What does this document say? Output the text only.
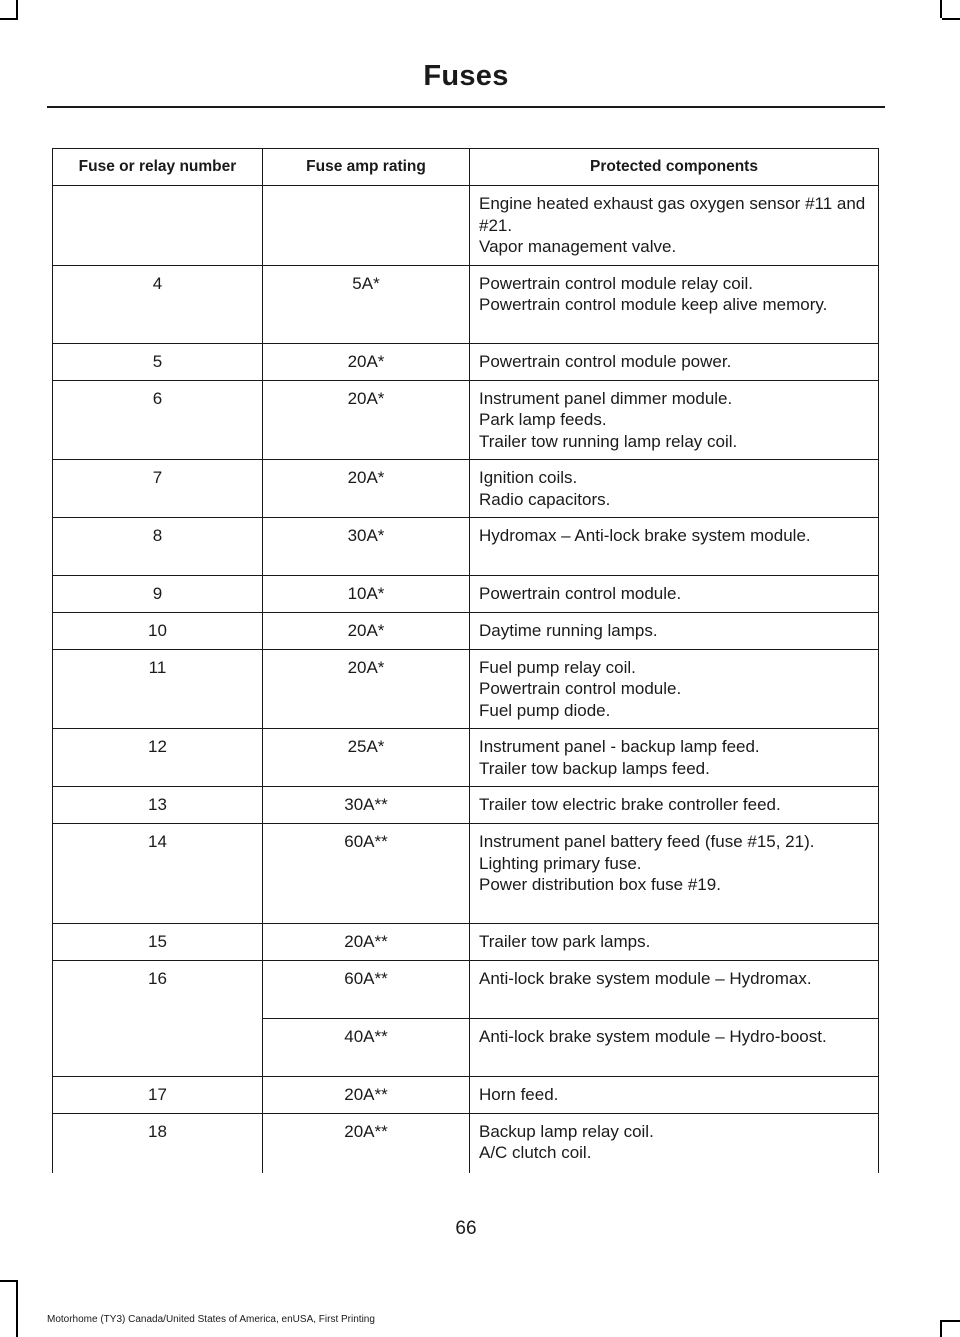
Fuses
Fuse or relay number	Fuse amp rating	Protected components

		Engine heated exhaust gas oxygen sensor #11 and #21.
Vapor management valve.

4	5A*	Powertrain control module relay coil.
Powertrain control module keep alive memory.

5	20A*	Powertrain control module power.

6	20A*	Instrument panel dimmer module.
Park lamp feeds.
Trailer tow running lamp relay coil.

7	20A*	Ignition coils.
Radio capacitors.

8	30A*	Hydromax – Anti-lock brake system module.

9	10A*	Powertrain control module.

10	20A*	Daytime running lamps.

11	20A*	Fuel pump relay coil.
Powertrain control module.
Fuel pump diode.

12	25A*	Instrument panel - backup lamp feed.
Trailer tow backup lamps feed.

13	30A**	Trailer tow electric brake controller feed.

14	60A**	Instrument panel battery feed (fuse #15, 21).
Lighting primary fuse.
Power distribution box fuse #19.

15	20A**	Trailer tow park lamps.

16	60A**	Anti-lock brake system module – Hydromax.

	40A**	Anti-lock brake system module – Hydro-boost.

17	20A**	Horn feed.

18	20A**	Backup lamp relay coil.
A/C clutch coil.
66
Motorhome (TY3) Canada/United States of America, enUSA, First Printing
